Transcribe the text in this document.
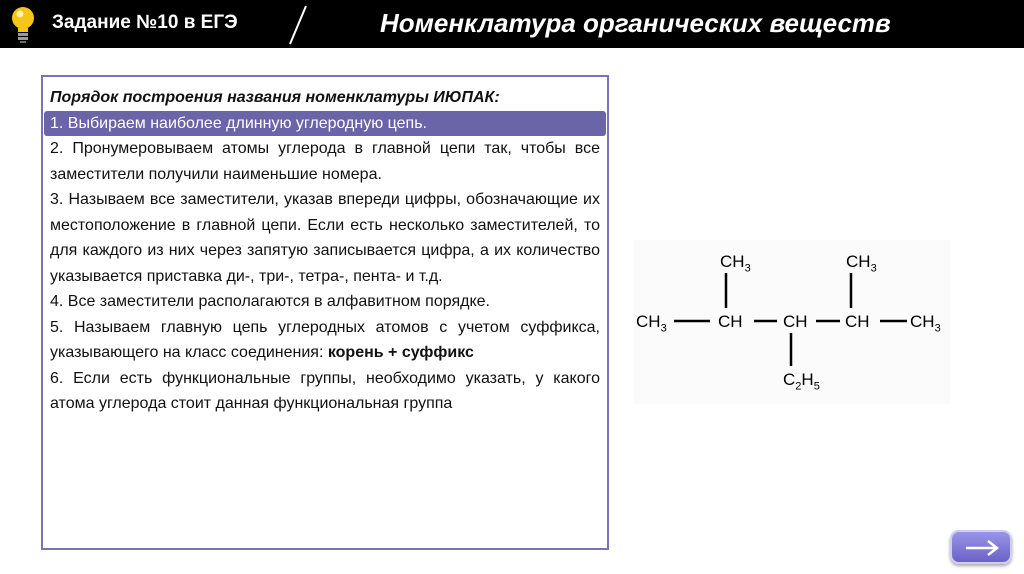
Задание №10 в ЕГЭ	Номенклатура органических веществ

Порядок построения названия номенклатуры ИЮПАК:

1. Выбираем наиболее длинную углеродную цепь.

2. Пронумеровываем атомы углерода в главной цепи так, чтобы все заместители получили наименьшие номера.

3. Называем все заместители, указав впереди цифры, обозначающие их местоположение в главной цепи. Если есть несколько заместителей, то для каждого из них через запятую записывается цифра, а их количество указывается приставка ди-, три-, тетра-, пента- и т.д.

4. Все заместители располагаются в алфавитном порядке.

5. Называем главную цепь углеродных атомов с учетом суффикса, указывающего на класс соединения: корень + суффикс

6. Если есть функциональные группы, необходимо указать, у какого атома углерода стоит данная функциональная группа

$CH_3$	CH CH CH $CH_3$
$CH_3$	$CH_3$
$C_2H_5$
